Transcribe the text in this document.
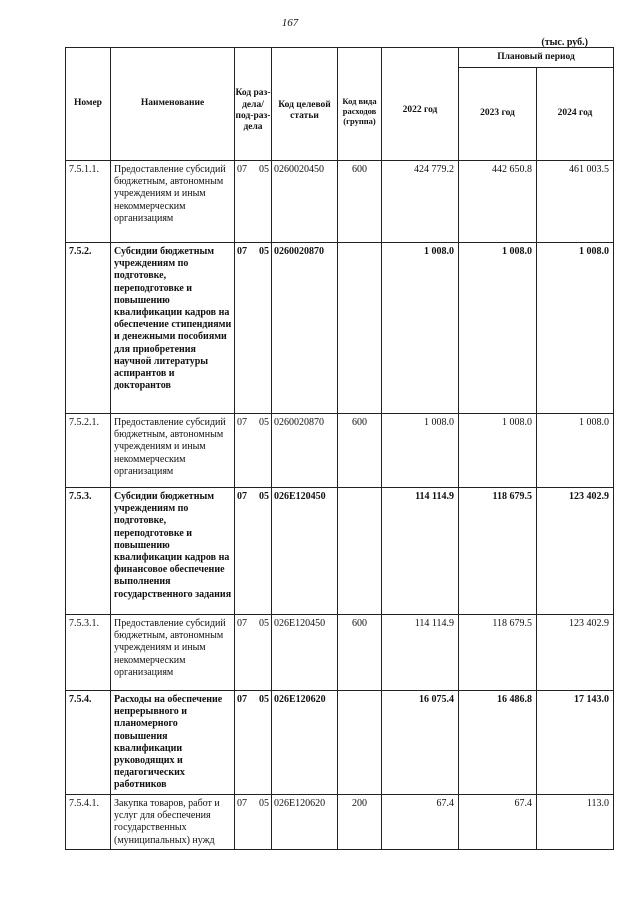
167
(тыс. руб.)
Номер	Наименование	Код раз-дела/ под-раз-дела	Код целевой статьи	Код вида расходов (группа)	2022 год	Плановый период	
						2023 год	2024 год
7.5.1.1.	Предоставление субсидий бюджетным, автономным учреждениям и иным некоммерческим организациям	07 05	0260020450	600	424 779.2	442 650.8	461 003.5
7.5.2.	Субсидии бюджетным учреждениям по подготовке, переподготовке и повышению квалификации кадров на обеспечение стипендиями и денежными пособиями для приобретения научной литературы аспирантов и докторантов	07 05	0260020870		1 008.0	1 008.0	1 008.0
7.5.2.1.	Предоставление субсидий бюджетным, автономным учреждениям и иным некоммерческим организациям	07 05	0260020870	600	1 008.0	1 008.0	1 008.0
7.5.3.	Субсидии бюджетным учреждениям по подготовке, переподготовке и повышению квалификации кадров на финансовое обеспечение выполнения государственного задания	07 05	026Е120450		114 114.9	118 679.5	123 402.9
7.5.3.1.	Предоставление субсидий бюджетным, автономным учреждениям и иным некоммерческим организациям	07 05	026Е120450	600	114 114.9	118 679.5	123 402.9
7.5.4.	Расходы на обеспечение непрерывного и планомерного повышения квалификации руководящих и педагогических работников	07 05	026Е120620		16 075.4	16 486.8	17 143.0
7.5.4.1.	Закупка товаров, работ и услуг для обеспечения государственных (муниципальных) нужд	07 05	026Е120620	200	67.4	67.4	113.0
